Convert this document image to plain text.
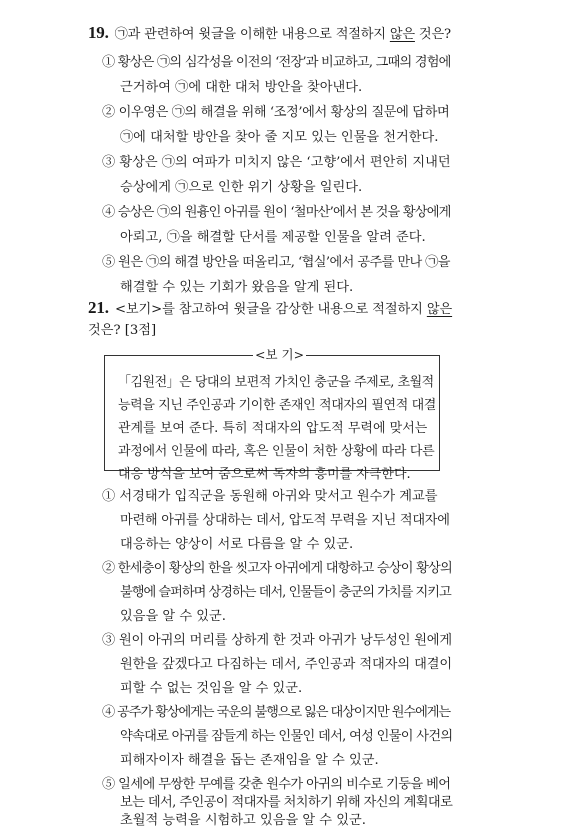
19. ㉠과 관련하여 윗글을 이해한 내용으로 적절하지 않은 것은?
① 황상은 ㉠의 심각성을 이전의 ‘전장’과 비교하고, 그때의 경험에
근거하여 ㉠에 대한 대처 방안을 찾아낸다.
② 이우영은 ㉠의 해결을 위해 ‘조정’에서 황상의 질문에 답하며
㉠에 대처할 방안을 찾아 줄 지모 있는 인물을 천거한다.
③ 황상은 ㉠의 여파가 미치지 않은 ‘고향’에서 편안히 지내던
승상에게 ㉠으로 인한 위기 상황을 일린다.
④ 승상은 ㉠의 원흉인 아귀를 원이 ‘철마산’에서 본 것을 황상에게
아뢰고, ㉠을 해결할 단서를 제공할 인물을 알려 준다.
⑤ 원은 ㉠의 해결 방안을 떠올리고, ‘협실’에서 공주를 만나 ㉠을
해결할 수 있는 기회가 왔음을 알게 된다.
21. <보기>를 참고하여 윗글을 감상한 내용으로 적절하지 않은
것은? [3점]
<보 기>
「김원전」은 당대의 보편적 가치인 충군을 주제로, 초월적
능력을 지닌 주인공과 기이한 존재인 적대자의 필연적 대결
관계를 보여 준다. 특히 적대자의 압도적 무력에 맞서는
과정에서 인물에 따라, 혹은 인물이 처한 상황에 따라 다른
대응 방식을 보여 줌으로써 독자의 흥미를 자극한다.
① 서경태가 입직군을 동원해 아귀와 맞서고 원수가 계교를
마련해 아귀를 상대하는 데서, 압도적 무력을 지닌 적대자에
대응하는 양상이 서로 다름을 알 수 있군.
② 한세충이 황상의 한을 씻고자 아귀에게 대항하고 승상이 황상의
불행에 슬퍼하며 상경하는 데서, 인물들이 충군의 가치를 지키고
있음을 알 수 있군.
③ 원이 아귀의 머리를 상하게 한 것과 아귀가 낭두성인 원에게
원한을 갚겠다고 다짐하는 데서, 주인공과 적대자의 대결이
피할 수 없는 것임을 알 수 있군.
④ 공주가 황상에게는 국운의 불행으로 잃은 대상이지만 원수에게는
약속대로 아귀를 잠들게 하는 인물인 데서, 여성 인물이 사건의
피해자이자 해결을 돕는 존재임을 알 수 있군.
⑤ 일세에 무쌍한 무예를 갖춘 원수가 아귀의 비수로 기둥을 베어
보는 데서, 주인공이 적대자를 처치하기 위해 자신의 계획대로
초월적 능력을 시험하고 있음을 알 수 있군.
